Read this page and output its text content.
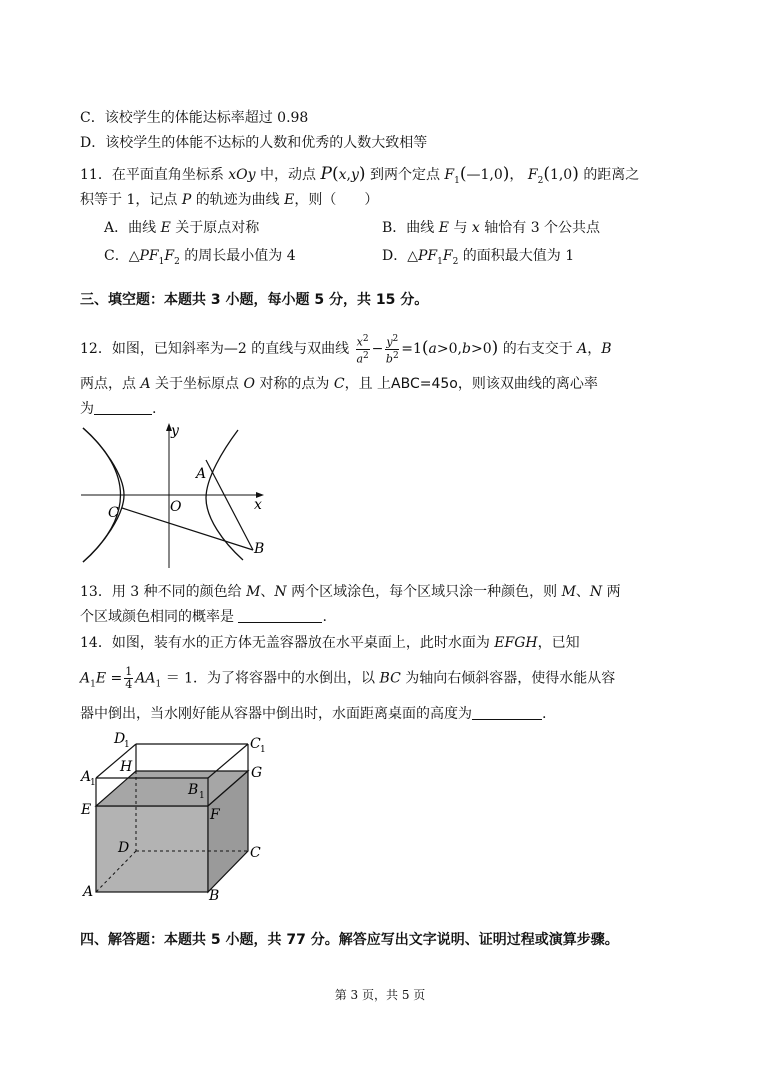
C．该校学生的体能达标率超过 0.98
D．该校学生的体能不达标的人数和优秀的人数大致相等
11．在平面直角坐标系 xOy 中，动点 P(x,y) 到两个定点 $F_1(—1,0)$， $F_2(1,0)$ 的距离之
积等于 1，记点 P 的轨迹为曲线 E，则（　　）
A．曲线 E 关于原点对称	B．曲线 E 与 x 轴恰有 3 个公共点
C．$\triangle PF_1F_2$ 的周长最小值为 4	D．$\triangle PF_1F_2$ 的面积最大值为 1
三、填空题：本题共 3 小题，每小题 5 分，共 15 分。
12．如图，已知斜率为—2 的直线与双曲线 $\frac{x^2}{a^2} - \frac{y^2}{b^2} =1(a>0,b>0)$ 的右支交于 A，B
两点，点 A 关于坐标原点 O 对称的点为 C，且 上ABC=45ο，则该双曲线的离心率
为	.
y
x
O
A
B
C
13．用 3 种不同的颜色给 M、N 两个区域涂色，每个区域只涂一种颜色，则 M、N 两
个区域颜色相同的概率是	.
14．如图，装有水的正方体无盖容器放在水平桌面上，此时水面为 EFGH，已知
$A_1E = \frac{1}{4} AA_1 = 1$．为了将容器中的水倒出，以 BC 为轴向右倾斜容器，使得水能从容
器中倒出，当水刚好能从容器中倒出时，水面距离桌面的高度为	.
D
1	C 1
A
1
H	G
B 1
E	F
D	C
A	B
四、解答题：本题共 5 小题，共 77 分。解答应写出文字说明、证明过程或演算步骤。
第 3 页，共 5 页
